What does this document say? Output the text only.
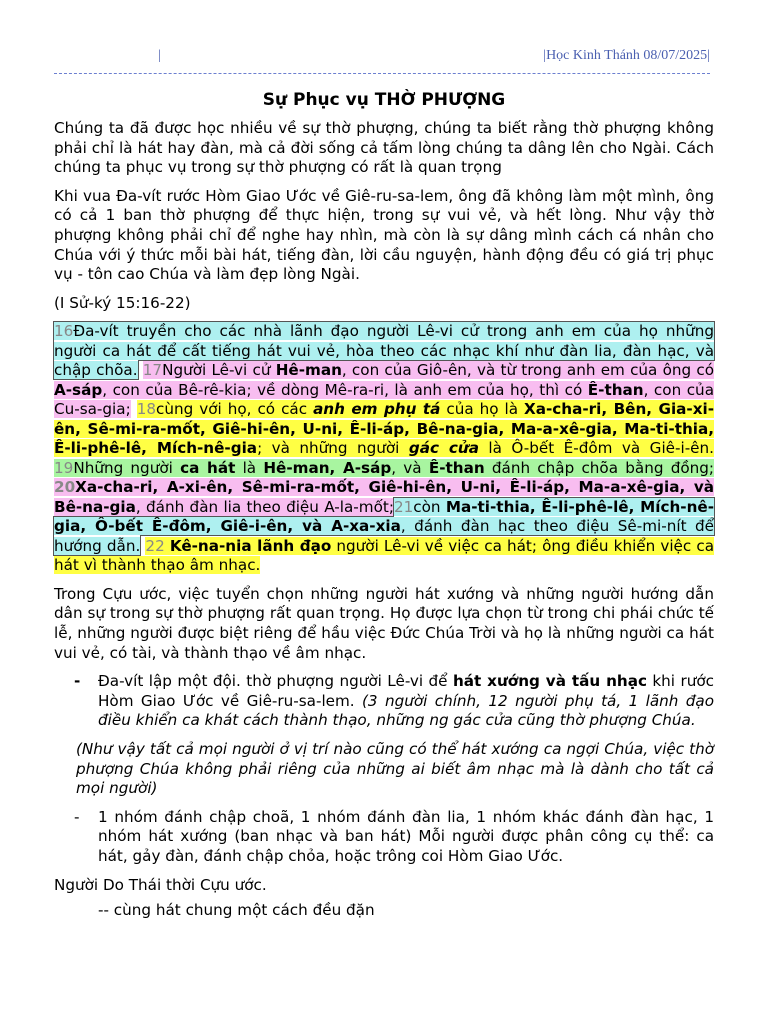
|	|Học Kinh Thánh 08/07/2025|
Sự Phục vụ THỜ PHƯỢNG

Chúng ta đã được học nhiều về sự thờ phượng, chúng ta biết rằng thờ phượng không phải chỉ là hát hay đàn, mà cả đời sống cả tấm lòng chúng ta dâng lên cho Ngài. Cách chúng ta phục vụ trong sự thờ phượng có rất là quan trọng

Khi vua Đa-vít rước Hòm Giao Ước về Giê-ru-sa-lem, ông đã không làm một mình, ông có cả 1 ban thờ phượng để thực hiện, trong sự vui vẻ, và hết lòng. Như vậy thờ phượng không phải chỉ để nghe hay nhìn, mà còn là sự dâng mình cách cá nhân cho Chúa với ý thức mỗi bài hát, tiếng đàn, lời cầu nguyện, hành động đều có giá trị phục vụ - tôn cao Chúa và làm đẹp lòng Ngài.

(I Sử-ký 15:16-22)

16Đa-vít truyền cho các nhà lãnh đạo người Lê-vi cử trong anh em của họ những người ca hát để cất tiếng hát vui vẻ, hòa theo các nhạc khí như đàn lia, đàn hạc, và chập chõa. 17Người Lê-vi cử Hê-man, con của Giô-ên, và từ trong anh em của ông có A-sáp, con của Bê-rê-kia; về dòng Mê-ra-ri, là anh em của họ, thì có Ê-than, con của Cu-sa-gia; 18cùng với họ, có các anh em phụ tá của họ là Xa-cha-ri, Bên, Gia-xi-ên, Sê-mi-ra-mốt, Giê-hi-ên, U-ni, Ê-li-áp, Bê-na-gia, Ma-a-xê-gia, Ma-ti-thia, Ê-li-phê-lê, Mích-nê-gia; và những người gác cửa là Ô-bết Ê-đôm và Giê-i-ên. 19Những người ca hát là Hê-man, A-sáp, và Ê-than đánh chập chõa bằng đồng; 20Xa-cha-ri, A-xi-ên, Sê-mi-ra-mốt, Giê-hi-ên, U-ni, Ê-li-áp, Ma-a-xê-gia, và Bê-na-gia, đánh đàn lia theo điệu A-la-mốt;21còn Ma-ti-thia, Ê-li-phê-lê, Mích-nê-gia, Ô-bết Ê-đôm, Giê-i-ên, và A-xa-xia, đánh đàn hạc theo điệu Sê-mi-nít để hướng dẫn. 22 Kê-na-nia lãnh đạo người Lê-vi về việc ca hát; ông điều khiển việc ca hát vì thành thạo âm nhạc.

Trong Cựu ước, việc tuyển chọn những người hát xướng và những người hướng dẫn dân sự trong sự thờ phượng rất quan trọng. Họ được lựa chọn từ trong chi phái chức tế lễ, những người được biệt riêng để hầu việc Đức Chúa Trời và họ là những người ca hát vui vẻ, có tài, và thành thạo về âm nhạc.

- Đa-vít lập một đội. thờ phượng người Lê-vi để hát xướng và tấu nhạc khi rước Hòm Giao Ước về Giê-ru-sa-lem. (3 người chính, 12 người phụ tá, 1 lãnh đạo điều khiển ca khát cách thành thạo, những ng gác cửa cũng thờ phượng Chúa.

(Như vậy tất cả mọi người ở vị trí nào cũng có thể hát xướng ca ngợi Chúa, việc thờ phượng Chúa không phải riêng của những ai biết âm nhạc mà là dành cho tất cả mọi người)

- 1 nhóm đánh chập choã, 1 nhóm đánh đàn lia, 1 nhóm khác đánh đàn hạc, 1 nhóm hát xướng (ban nhạc và ban hát) Mỗi người được phân công cụ thể: ca hát, gảy đàn, đánh chập chỏa, hoặc trông coi Hòm Giao Ước.

Người Do Thái thời Cựu ước.

-- cùng hát chung một cách đều đặn
